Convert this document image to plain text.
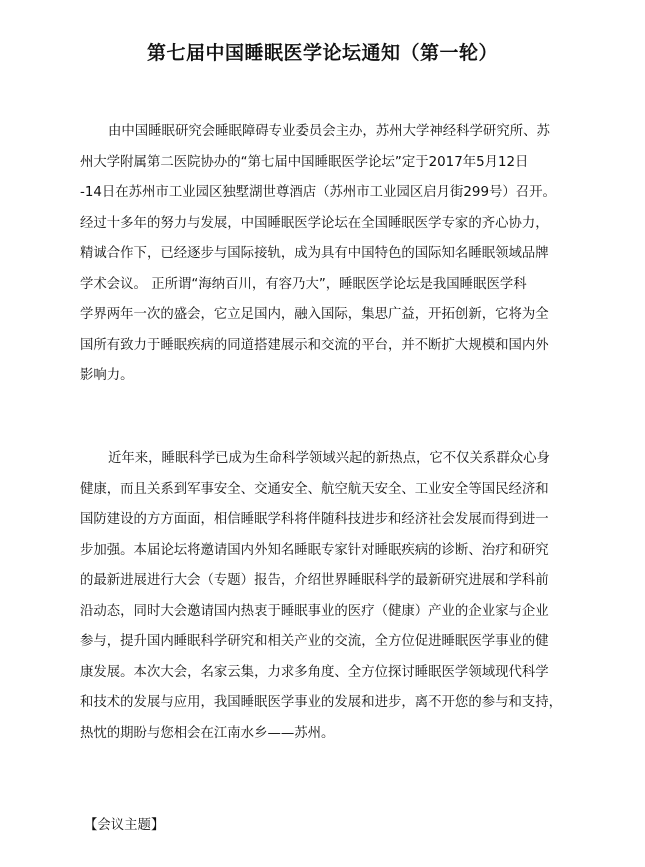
第七届中国睡眠医学论坛通知（第一轮）
由中国睡眠研究会睡眠障碍专业委员会主办，苏州大学神经科学研究所、苏
州大学附属第二医院协办的“第七届中国睡眠医学论坛”定于2017年5月12日
-14日在苏州市工业园区独墅湖世尊酒店（苏州市工业园区启月街299号）召开。
经过十多年的努力与发展，中国睡眠医学论坛在全国睡眠医学专家的齐心协力，
精诚合作下，已经逐步与国际接轨，成为具有中国特色的国际知名睡眠领域品牌
学术会议。 正所谓“海纳百川，有容乃大”，睡眠医学论坛是我国睡眠医学科
学界两年一次的盛会，它立足国内，融入国际，集思广益，开拓创新，它将为全
国所有致力于睡眠疾病的同道搭建展示和交流的平台，并不断扩大规模和国内外
影响力。
近年来，睡眠科学已成为生命科学领域兴起的新热点，它不仅关系群众心身
健康，而且关系到军事安全、交通安全、航空航天安全、工业安全等国民经济和
国防建设的方方面面，相信睡眠学科将伴随科技进步和经济社会发展而得到进一
步加强。本届论坛将邀请国内外知名睡眠专家针对睡眠疾病的诊断、治疗和研究
的最新进展进行大会（专题）报告，介绍世界睡眠科学的最新研究进展和学科前
沿动态，同时大会邀请国内热衷于睡眠事业的医疗（健康）产业的企业家与企业
参与，提升国内睡眠科学研究和相关产业的交流，全方位促进睡眠医学事业的健
康发展。本次大会，名家云集，力求多角度、全方位探讨睡眠医学领域现代科学
和技术的发展与应用，我国睡眠医学事业的发展和进步，离不开您的参与和支持，
热忱的期盼与您相会在江南水乡——苏州。

【会议主题】
